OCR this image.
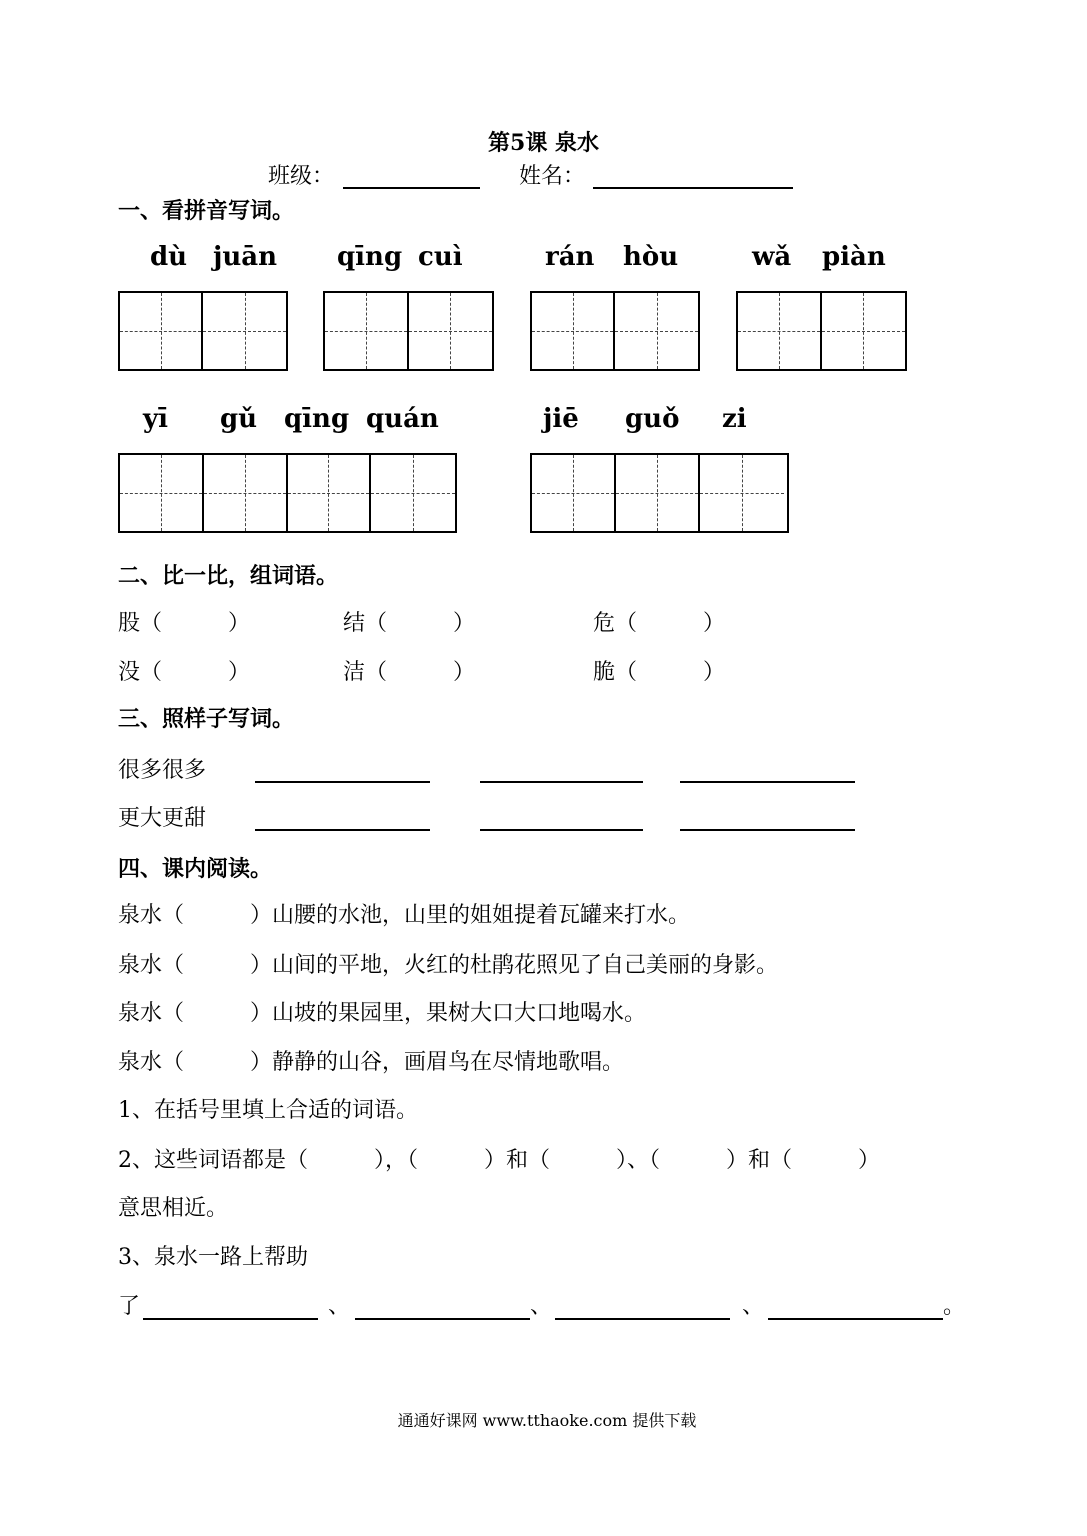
第5课 泉水
班级：	姓名：
一、看拼音写词。
dù juān qīng cuì	rán hòu	wǎ piàn
yī gǔ qīng quán	jiē guǒ zi
二、比一比，组词语。
股（　　　）	结（　　　）	危（　　　）
没（　　　）	洁（　　　）	脆（　　　）
三、照样子写词。
很多很多
更大更甜
四、课内阅读。
泉水（　　　）山腰的水池，山里的姐姐提着瓦罐来打水。
泉水（　　　）山间的平地，火红的杜鹃花照见了自己美丽的身影。
泉水（　　　）山坡的果园里，果树大口大口地喝水。
泉水（　　　）静静的山谷，画眉鸟在尽情地歌唱。
1、在括号里填上合适的词语。
2、这些词语都是（　　　），（　　　）和（　　　）、（　　　）和（　　　）
意思相近。
3、泉水一路上帮助
了	、	、	、	。
通通好课网 www.tthaoke.com 提供下载
